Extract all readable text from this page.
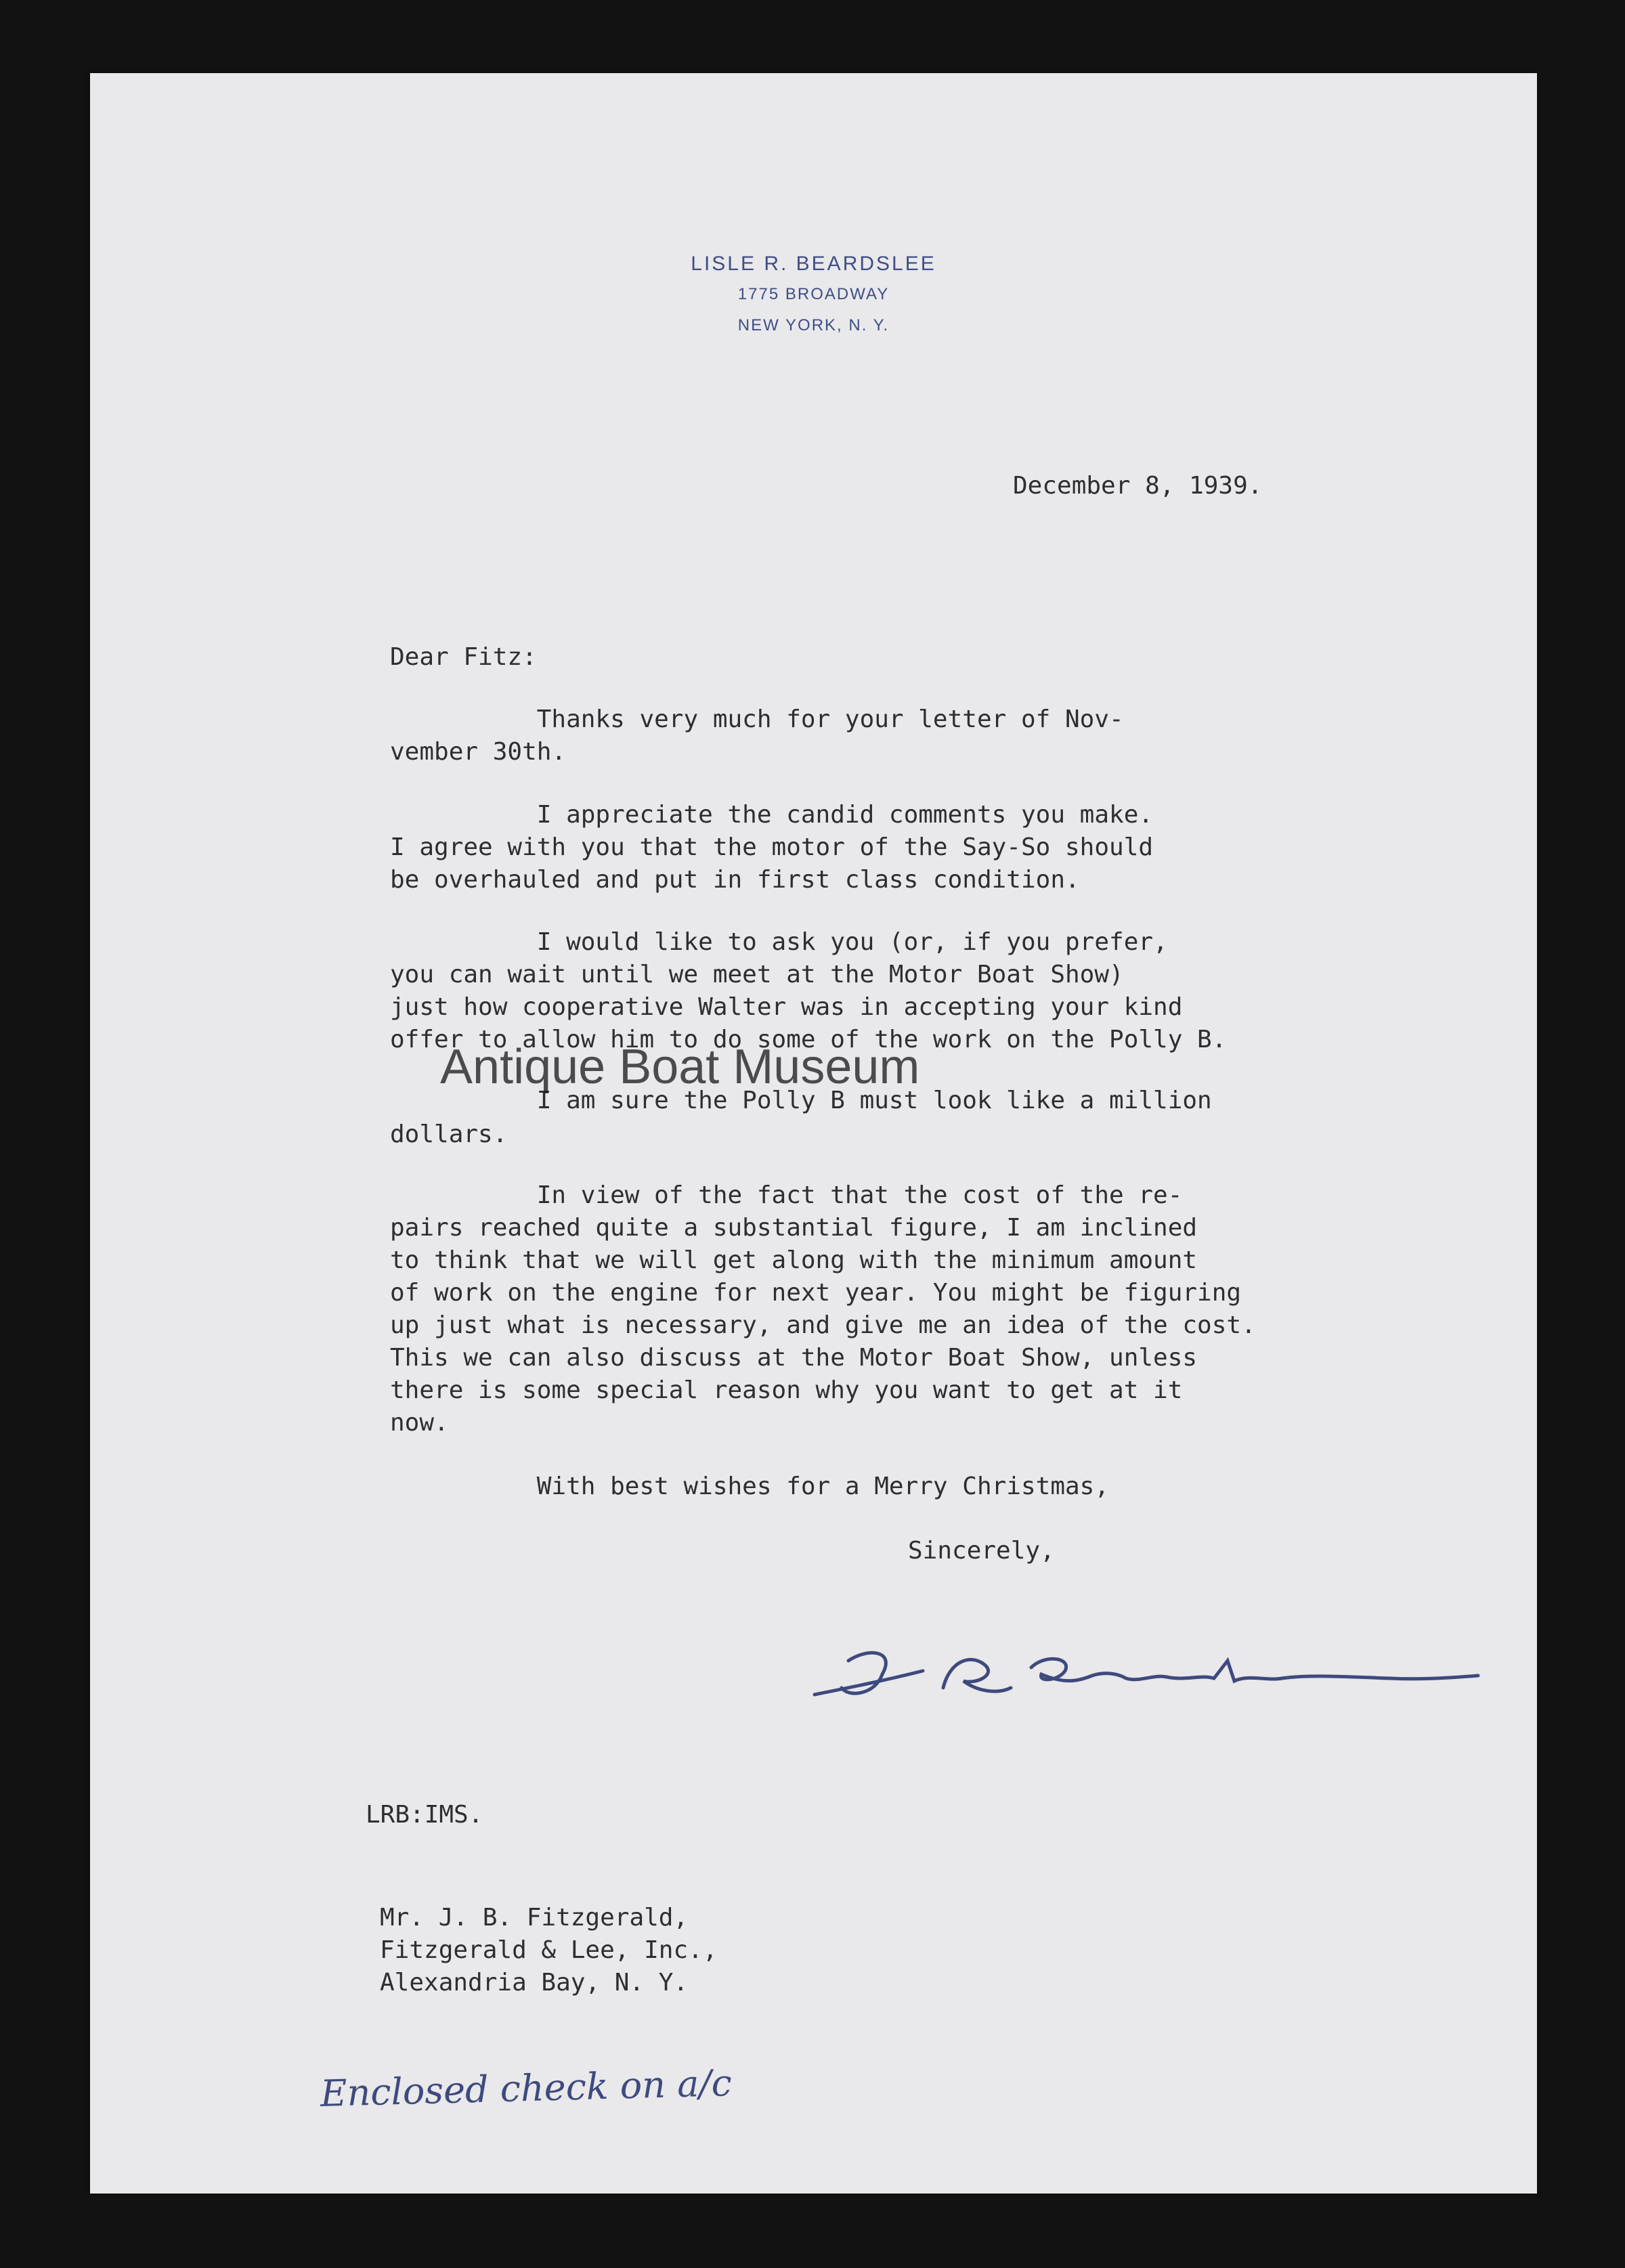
LISLE R. BEARDSLEE
1775 BROADWAY
NEW YORK, N. Y.
December 8, 1939.
Dear Fitz:
Thanks very much for your letter of Nov-
vember 30th.
I appreciate the candid comments you make.
I agree with you that the motor of the Say-So should
be overhauled and put in first class condition.
I would like to ask you (or, if you prefer,
you can wait until we meet at the Motor Boat Show)
just how cooperative Walter was in accepting your kind
offer to allow him to do some of the work on the Polly B.
I am sure the Polly B must look like a million
dollars.
In view of the fact that the cost of the re-
pairs reached quite a substantial figure, I am inclined
to think that we will get along with the minimum amount
of work on the engine for next year. You might be figuring
up just what is necessary, and give me an idea of the cost.
This we can also discuss at the Motor Boat Show, unless
there is some special reason why you want to get at it
now.
With best wishes for a Merry Christmas,
Sincerely,
LRB:IMS.
Mr. J. B. Fitzgerald,
Fitzgerald & Lee, Inc.,
Alexandria Bay, N. Y.
Enclosed check on a/c
Antique Boat Museum
